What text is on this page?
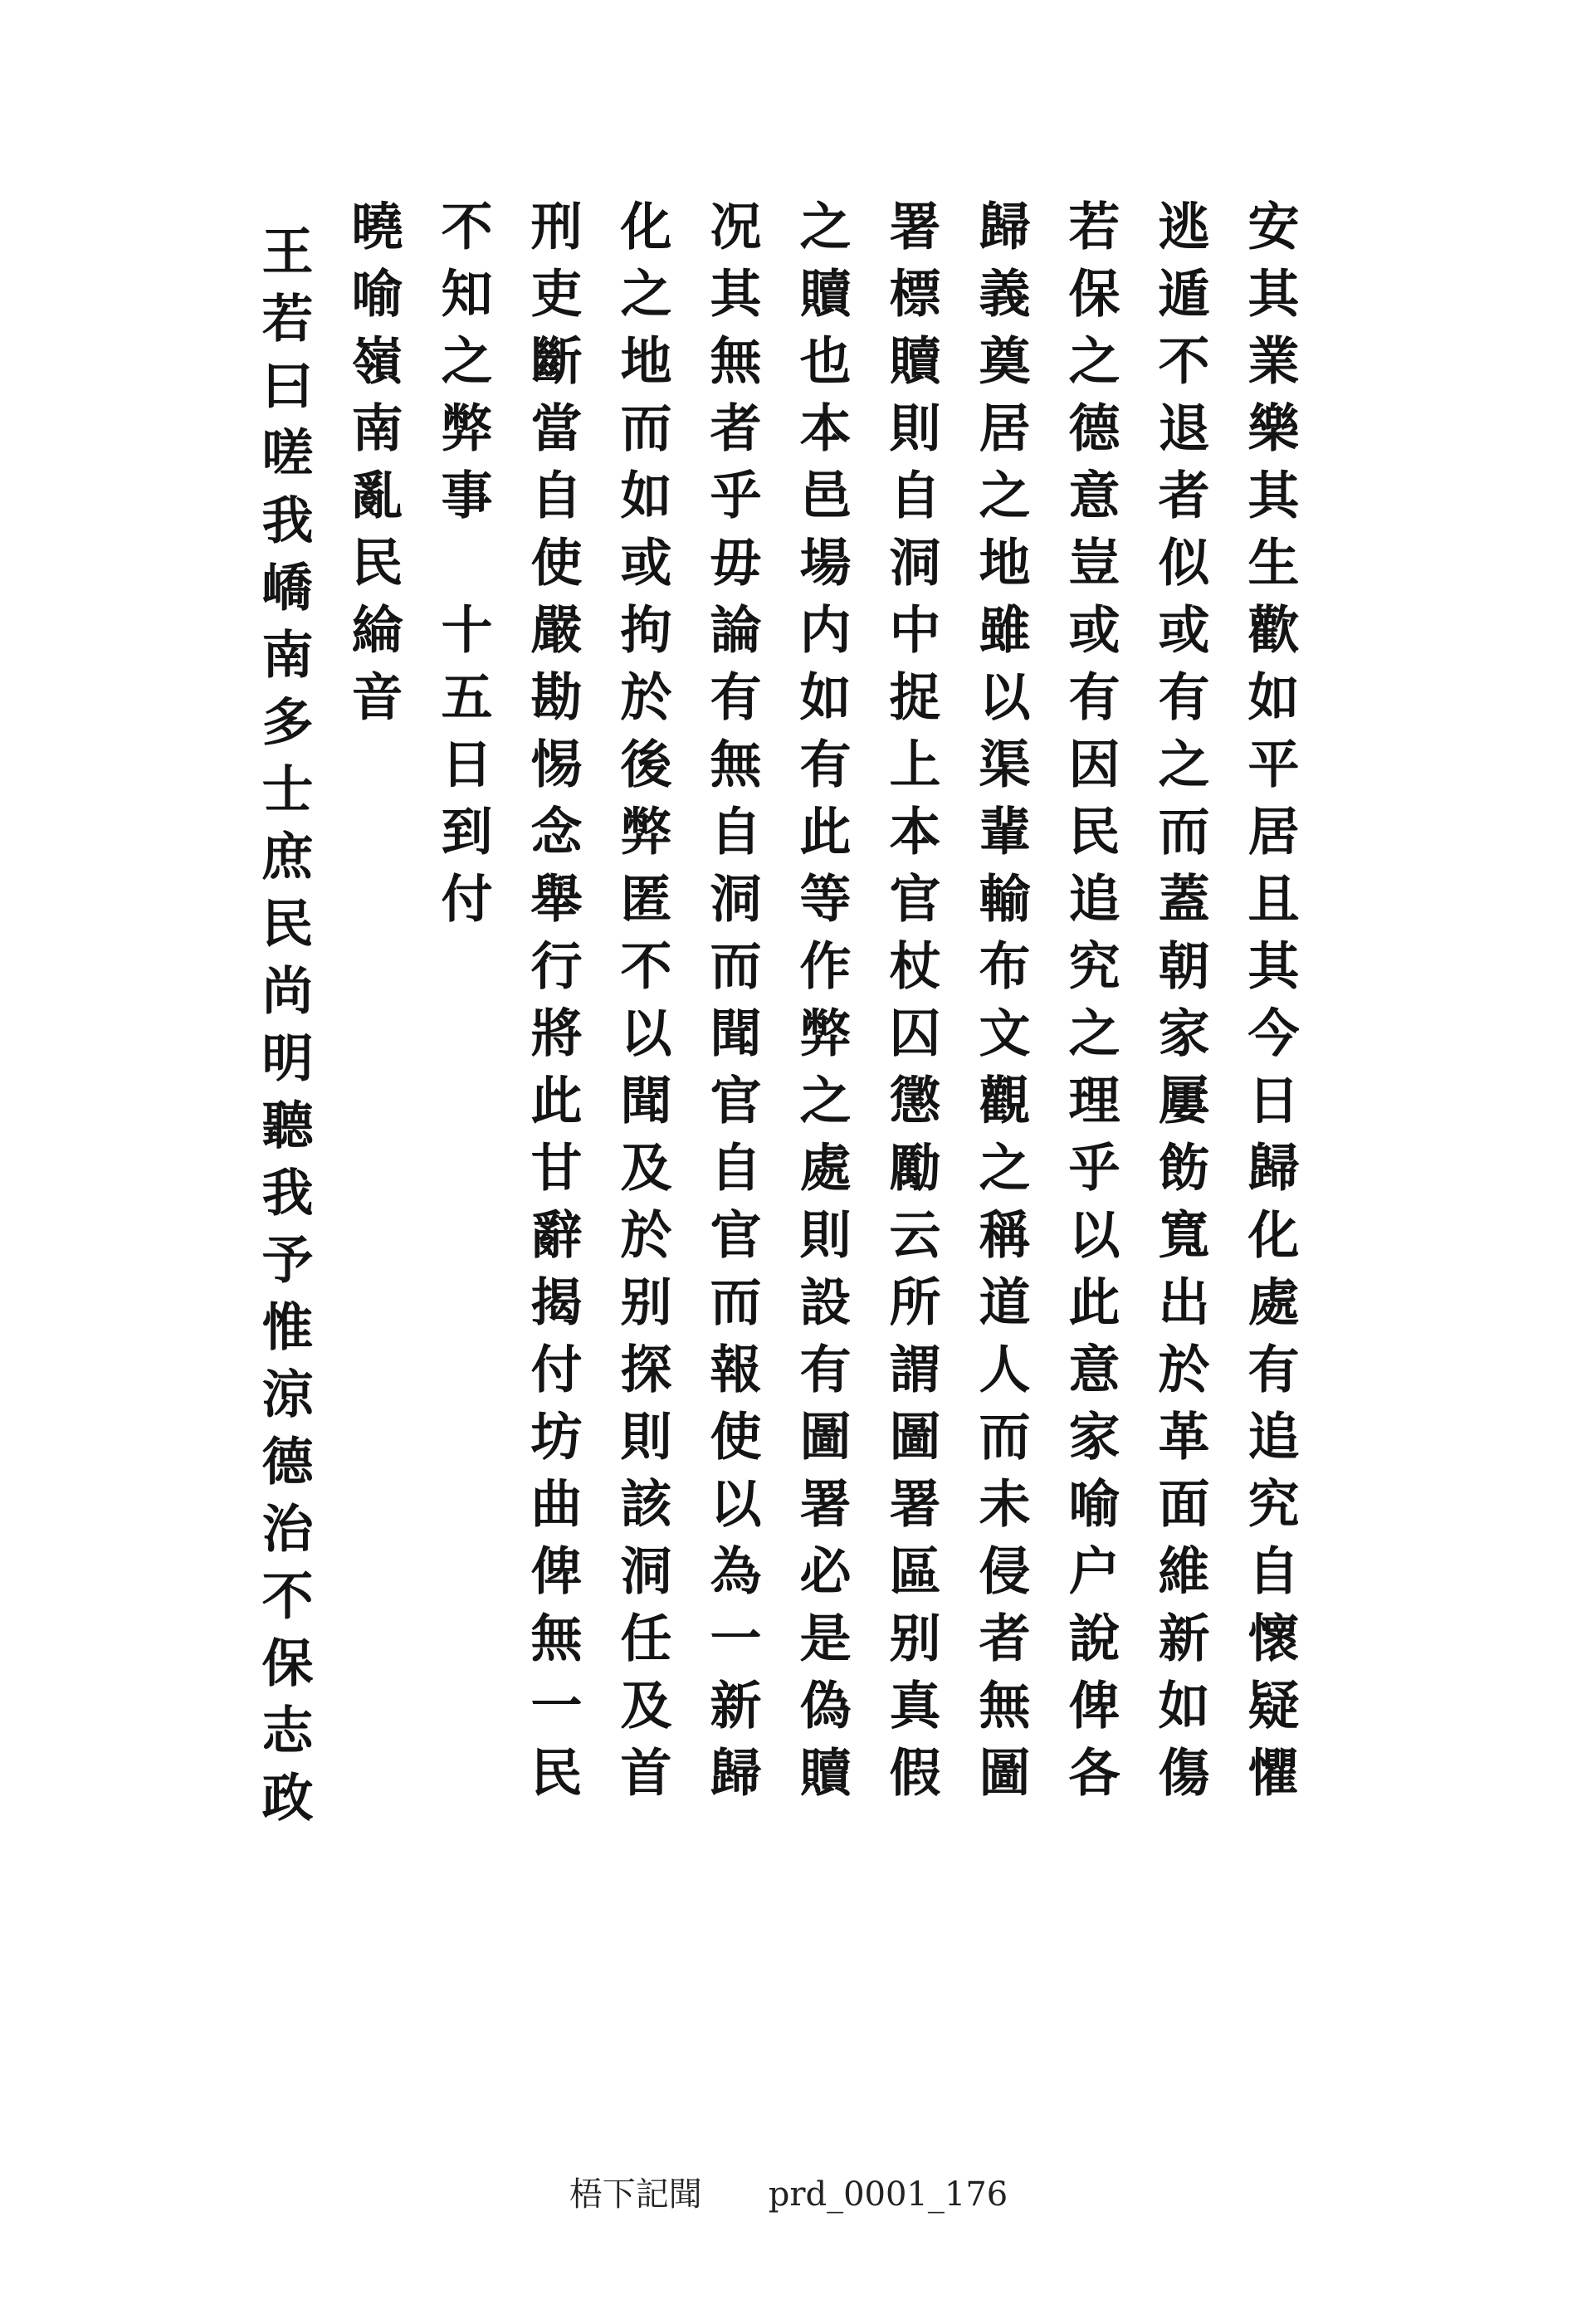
安其業樂其生歡如平居且其今日歸化處有追究自懷疑懼
逃遁不退者似或有之而蓋朝家屢飭寬出於革面維新如傷
若保之德意豈或有因民追究之理乎以此意家喻户說俾各
歸義奠居之地雖以渠輩輸布文觀之稱道人而未侵者無圖
署標贖則自洞中捉上本官杖囚懲勵云所謂圖署區别真假
之贖也本邑場内如有此等作弊之處則設有圖署必是偽贖
况其無者乎毋論有無自洞而聞官自官而報使以為一新歸
化之地而如或拘於後弊匿不以聞及於别探則該洞任及首
刑吏斷當自使嚴勘惕念舉行將此甘辭揭付坊曲俾無一民
不知之弊事　十五日到付
曉喻嶺南亂民綸音
王若曰嗟我嶠南多士庶民尚明聽我予惟涼德治不保志政
梧下記聞 prd_0001_176
